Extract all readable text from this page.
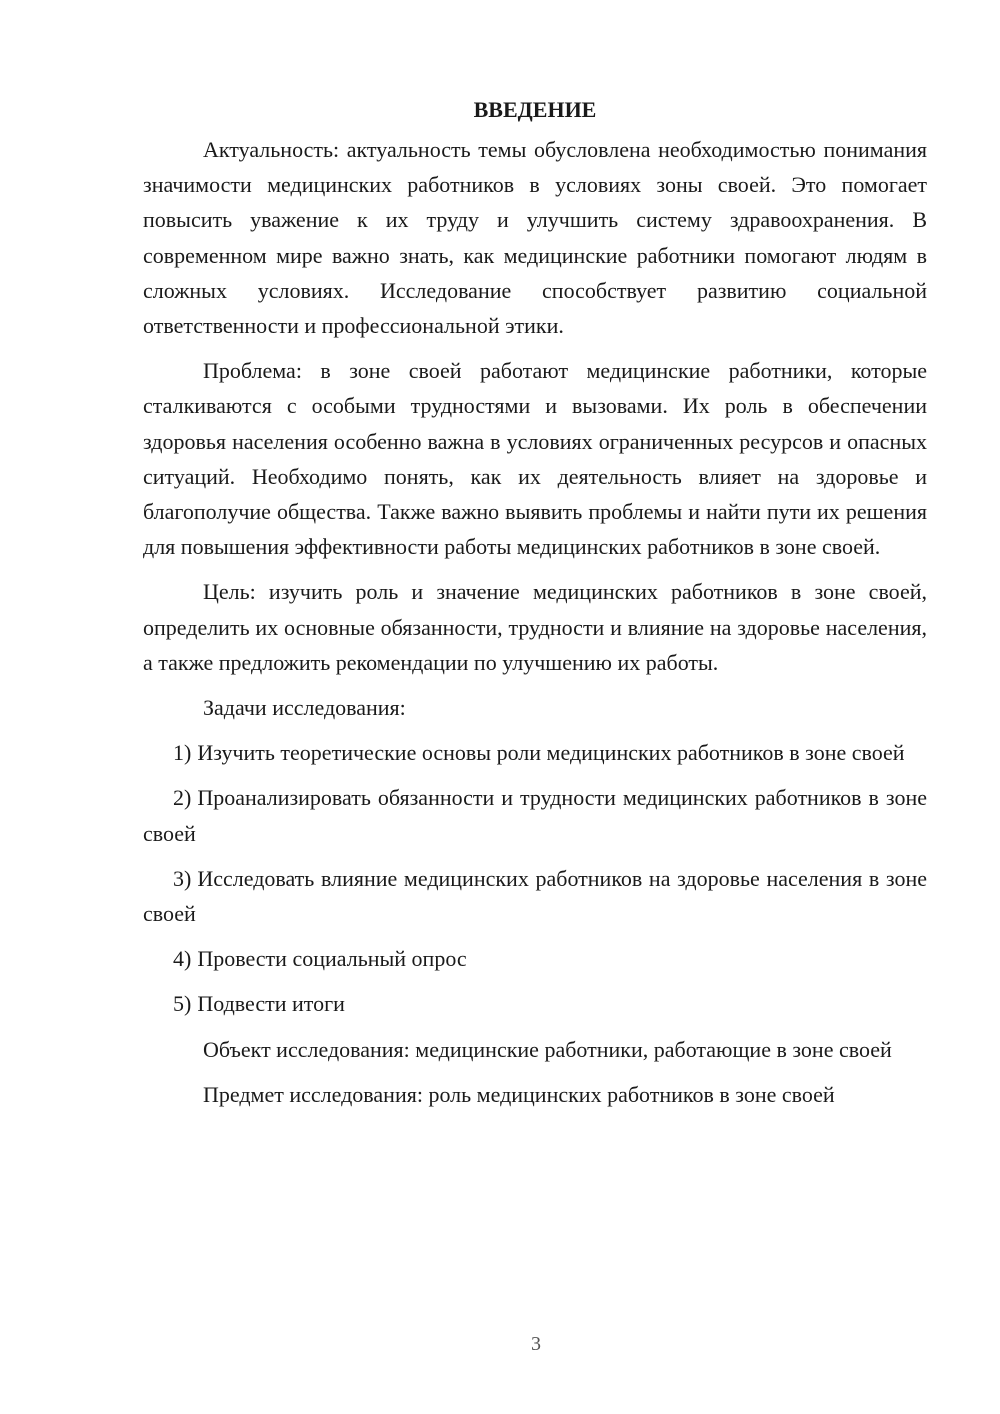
ВВЕДЕНИЕ

Актуальность: актуальность темы обусловлена необходимостью понимания значимости медицинских работников в условиях зоны своей. Это помогает повысить уважение к их труду и улучшить систему здравоохранения. В современном мире важно знать, как медицинские работники помогают людям в сложных условиях. Исследование способствует развитию социальной ответственности и профессиональной этики.

Проблема: в зоне своей работают медицинские работники, которые сталкиваются с особыми трудностями и вызовами. Их роль в обеспечении здоровья населения особенно важна в условиях ограниченных ресурсов и опасных ситуаций. Необходимо понять, как их деятельность влияет на здоровье и благополучие общества. Также важно выявить проблемы и найти пути их решения для повышения эффективности работы медицинских работников в зоне своей.

Цель: изучить роль и значение медицинских работников в зоне своей, определить их основные обязанности, трудности и влияние на здоровье населения, а также предложить рекомендации по улучшению их работы.

Задачи исследования:

1) Изучить теоретические основы роли медицинских работников в зоне своей

2) Проанализировать обязанности и трудности медицинских работников в зоне своей

3) Исследовать влияние медицинских работников на здоровье населения в зоне своей

4) Провести социальный опрос

5) Подвести итоги

Объект исследования: медицинские работники, работающие в зоне своей

Предмет исследования: роль медицинских работников в зоне своей

3
